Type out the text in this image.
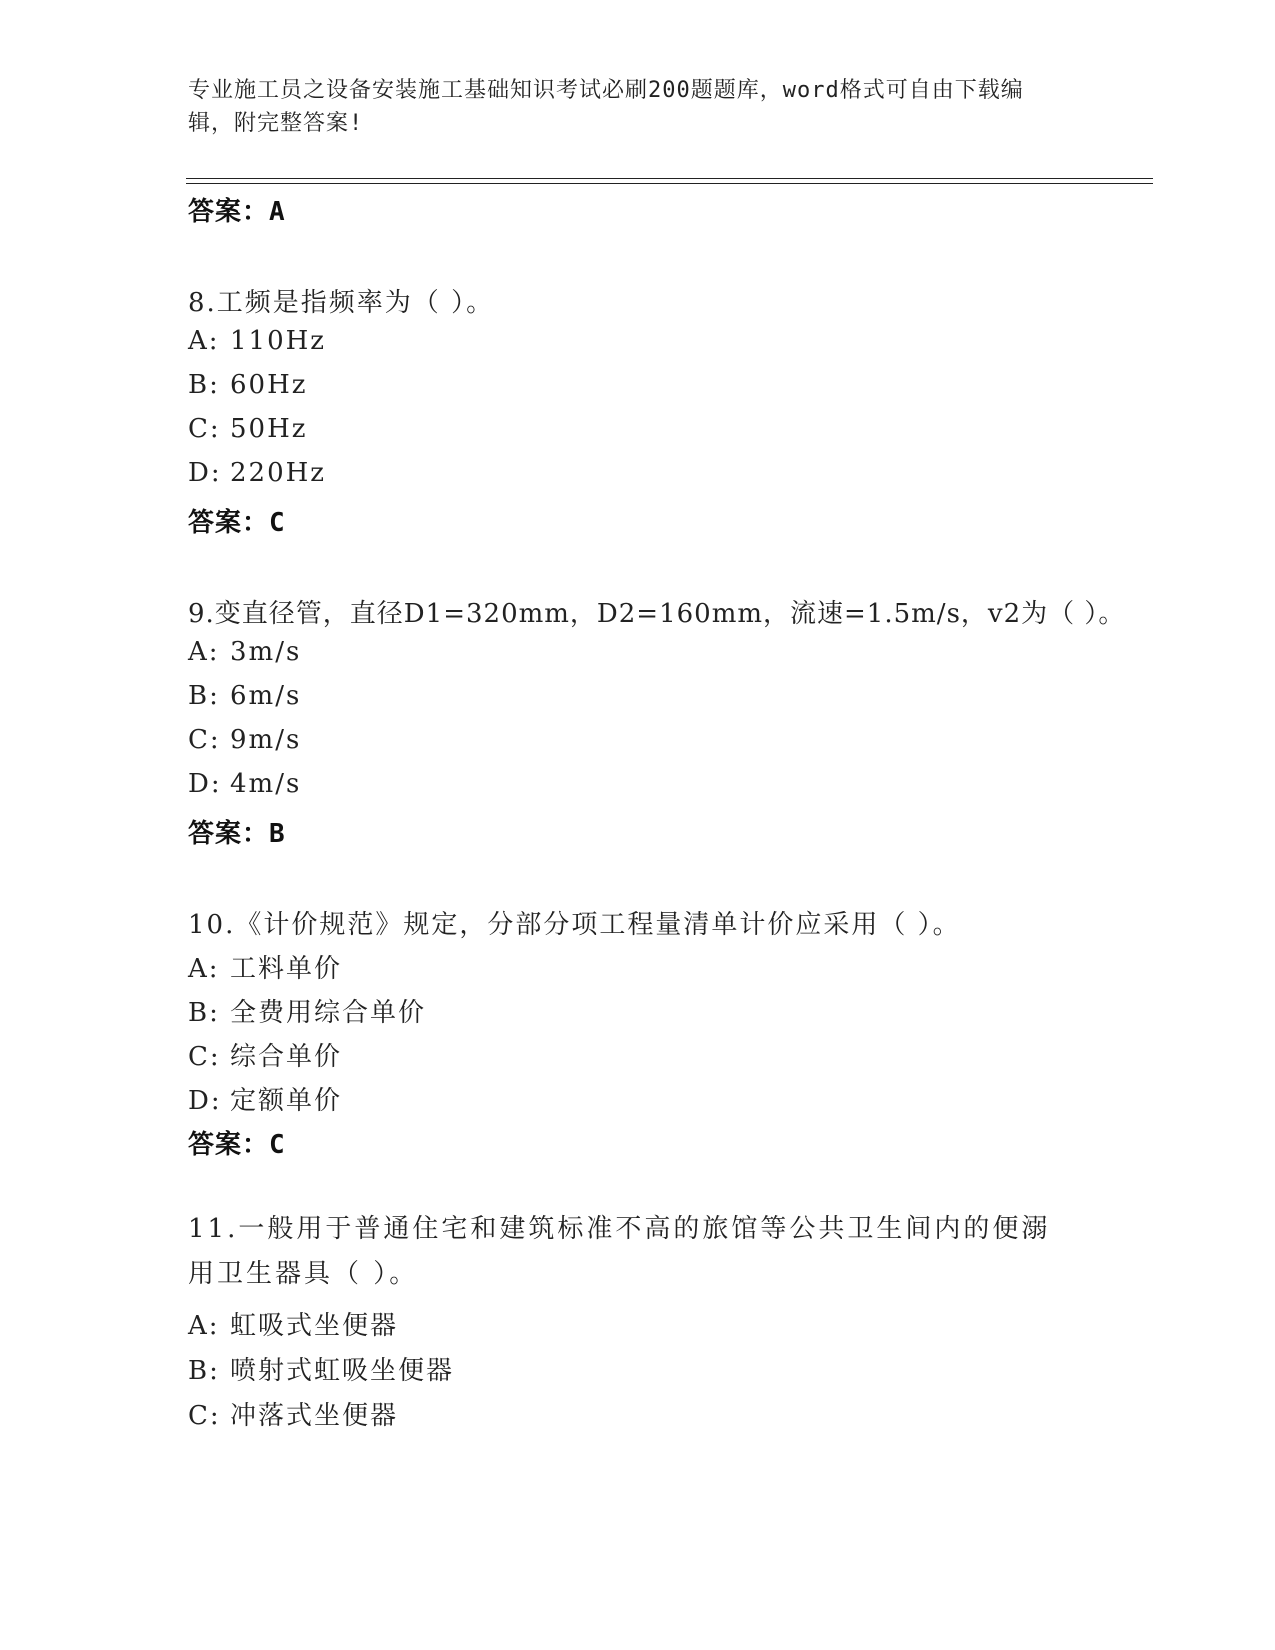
专业施工员之设备安装施工基础知识考试必刷200题题库，word格式可自由下载编辑，附完整答案!
答案：A
8.工频是指频率为（ ）。
A: 110Hz
B: 60Hz
C: 50Hz
D: 220Hz
答案：C
9.变直径管，直径D1=320mm，D2=160mm，流速=1.5m/s，v2为（ ）。
A: 3m/s
B: 6m/s
C: 9m/s
D: 4m/s
答案：B
10.《计价规范》规定，分部分项工程量清单计价应采用（ ）。
A: 工料单价
B: 全费用综合单价
C: 综合单价
D: 定额单价
答案：C
11.一般用于普通住宅和建筑标准不高的旅馆等公共卫生间内的便溺用卫生器具（ ）。
A: 虹吸式坐便器
B: 喷射式虹吸坐便器
C: 冲落式坐便器
